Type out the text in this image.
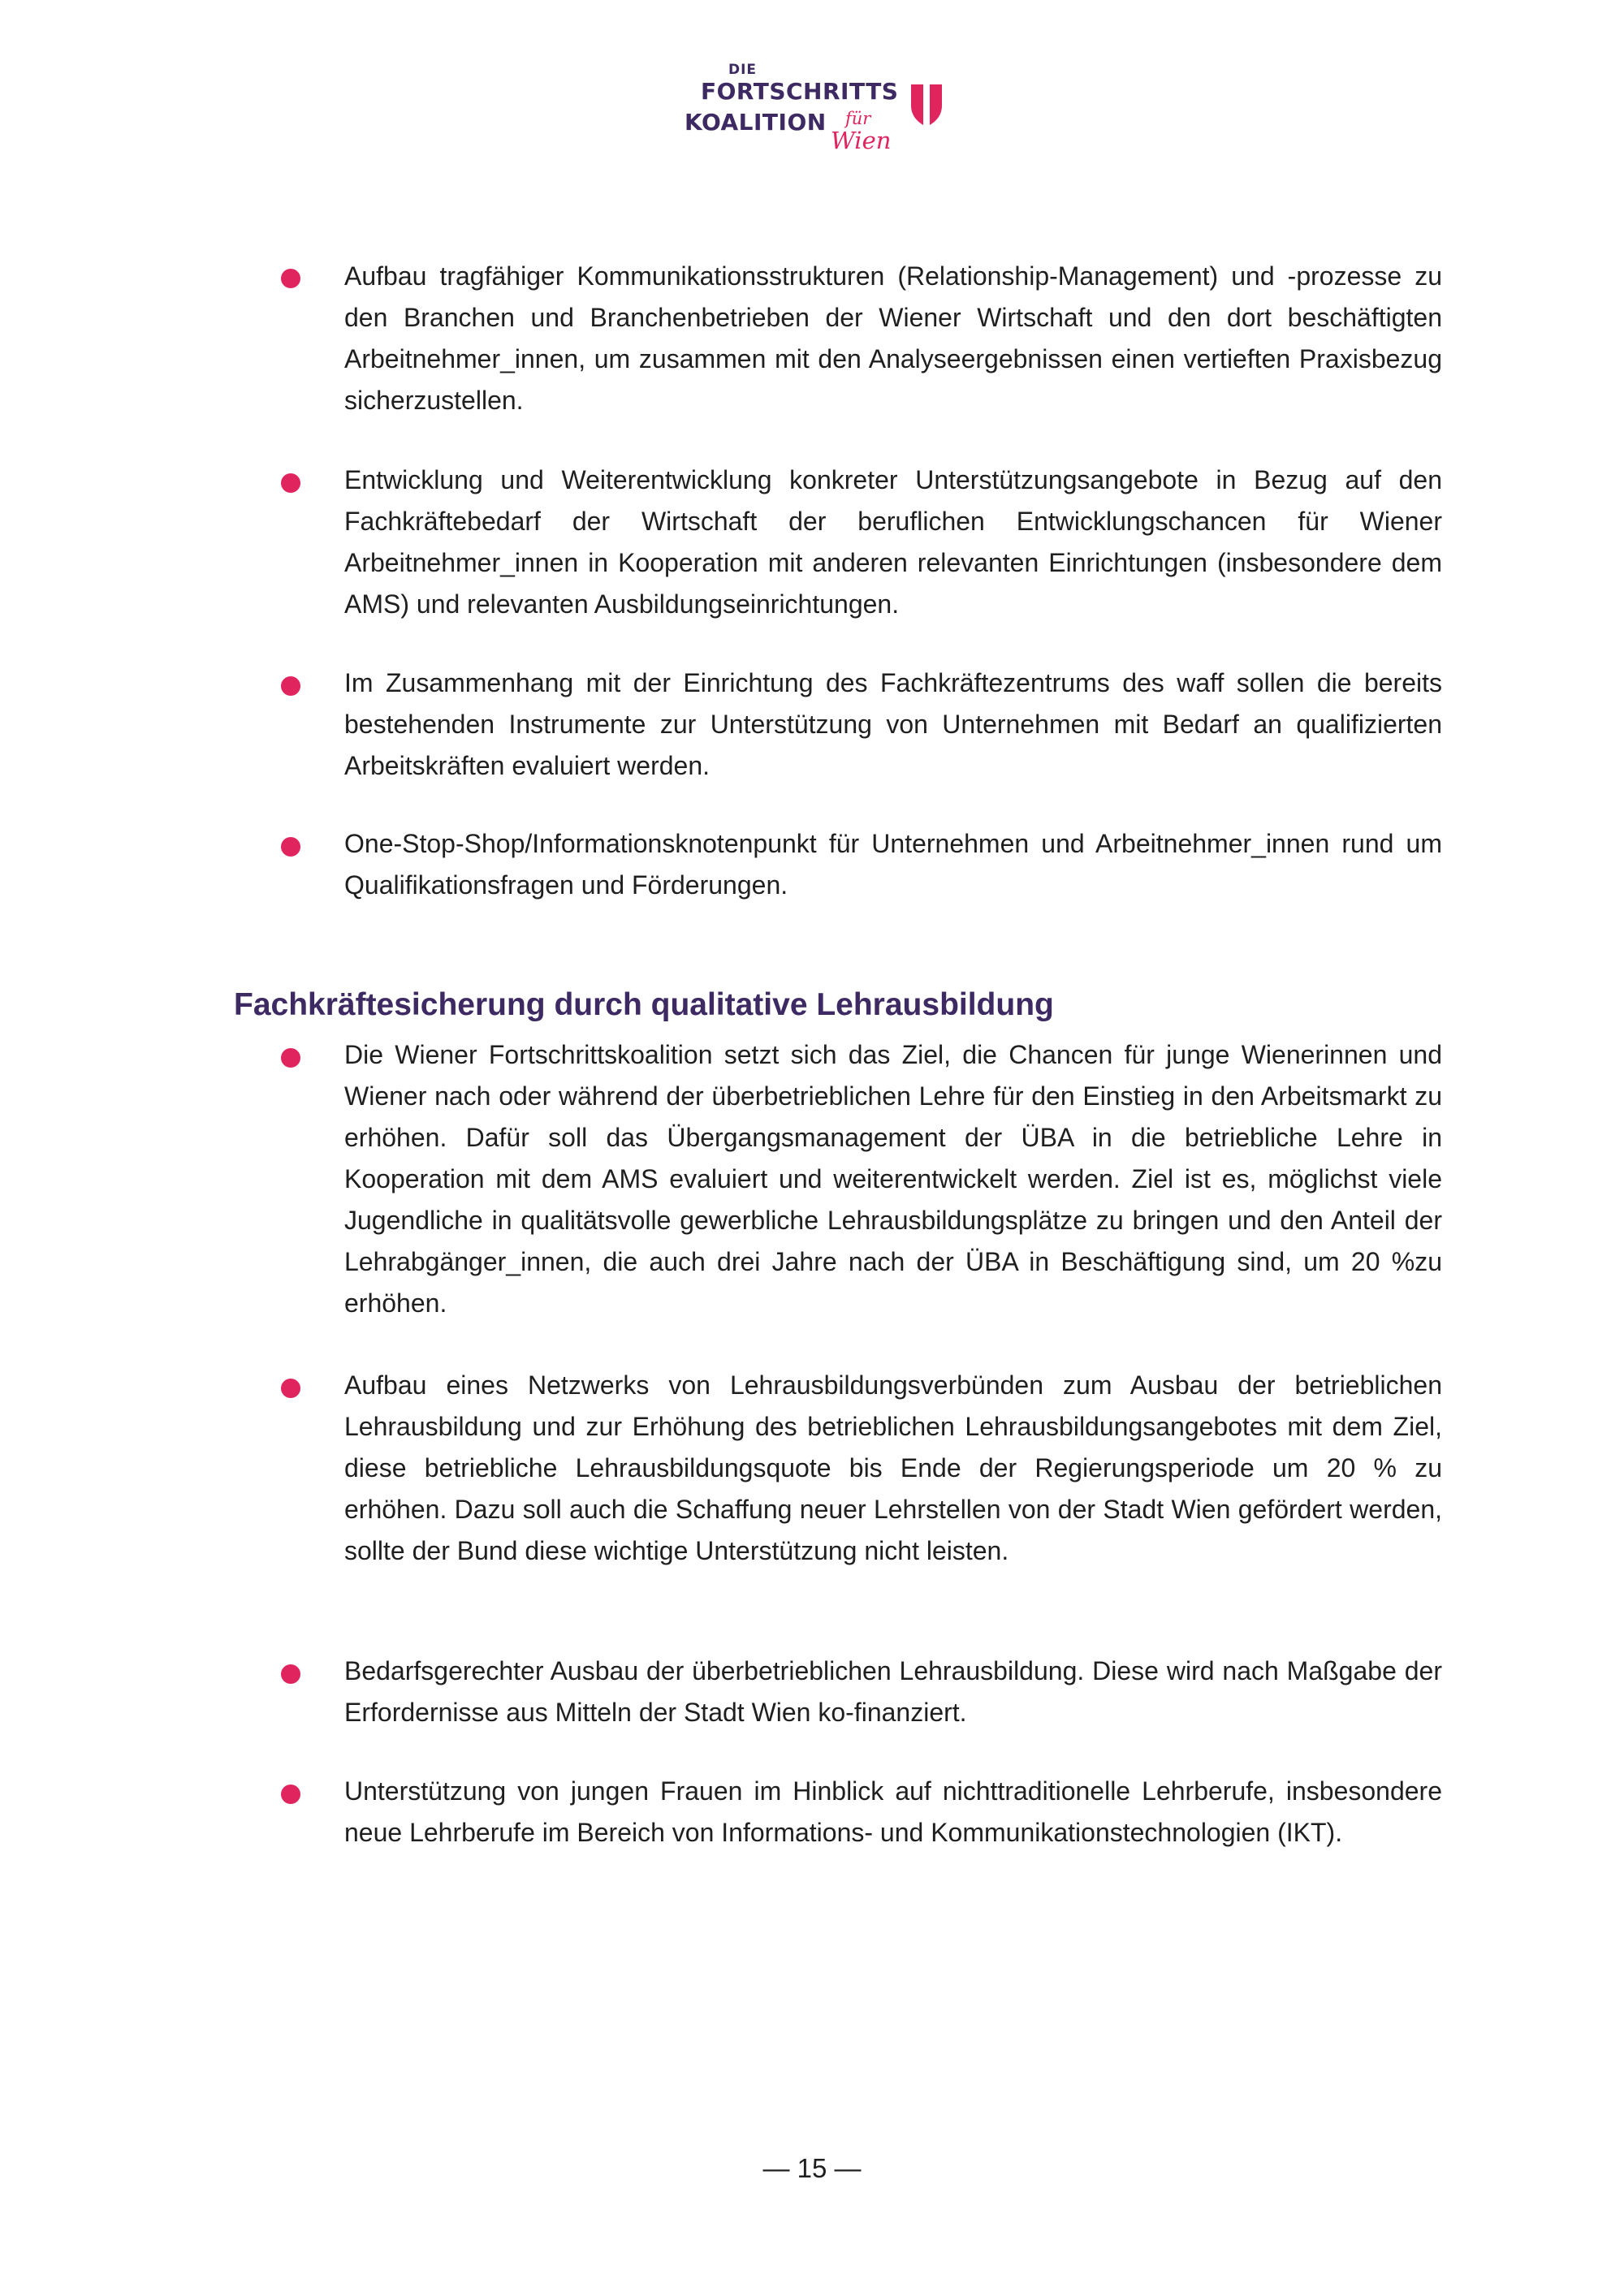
DIE
FORTSCHRITTS
KOALITION für
Wien
Aufbau tragfähiger Kommunikationsstrukturen (Relationship-Management) und -prozesse zu den Branchen und Branchenbetrieben der Wiener Wirtschaft und den dort beschäftigten Arbeitnehmer_innen, um zusammen mit den Analyseergebnissen einen vertieften Praxisbezug sicherzustellen.
Entwicklung und Weiterentwicklung konkreter Unterstützungsangebote in Bezug auf den Fachkräftebedarf der Wirtschaft der beruflichen Entwicklungschancen für Wiener Arbeitnehmer_innen in Kooperation mit anderen relevanten Einrichtungen (insbesondere dem AMS) und relevanten Ausbildungseinrichtungen.
Im Zusammenhang mit der Einrichtung des Fachkräftezentrums des waff sollen die bereits bestehenden Instrumente zur Unterstützung von Unternehmen mit Bedarf an qualifizierten Arbeitskräften evaluiert werden.
One-Stop-Shop/Informationsknotenpunkt für Unternehmen und Arbeitnehmer_innen rund um Qualifikationsfragen und Förderungen.
Fachkräftesicherung durch qualitative Lehrausbildung
Die Wiener Fortschrittskoalition setzt sich das Ziel, die Chancen für junge Wienerinnen und Wiener nach oder während der überbetrieblichen Lehre für den Einstieg in den Arbeitsmarkt zu erhöhen. Dafür soll das Übergangsmanagement der ÜBA in die betriebliche Lehre in Kooperation mit dem AMS evaluiert und weiterentwickelt werden. Ziel ist es, möglichst viele Jugendliche in qualitätsvolle gewerbliche Lehrausbildungsplätze zu bringen und den Anteil der Lehrabgänger_innen, die auch drei Jahre nach der ÜBA in Beschäftigung sind, um 20 %zu erhöhen.
Aufbau eines Netzwerks von Lehrausbildungsverbünden zum Ausbau der betrieblichen Lehrausbildung und zur Erhöhung des betrieblichen Lehrausbildungsangebotes mit dem Ziel, diese betriebliche Lehrausbildungsquote bis Ende der Regierungsperiode um 20 % zu erhöhen. Dazu soll auch die Schaffung neuer Lehrstellen von der Stadt Wien gefördert werden, sollte der Bund diese wichtige Unterstützung nicht leisten.
Bedarfsgerechter Ausbau der überbetrieblichen Lehrausbildung. Diese wird nach Maßgabe der Erfordernisse aus Mitteln der Stadt Wien ko-finanziert.
Unterstützung von jungen Frauen im Hinblick auf nichttraditionelle Lehrberufe, insbesondere neue Lehrberufe im Bereich von Informations- und Kommunikationstechnologien (IKT).
— 15 —
